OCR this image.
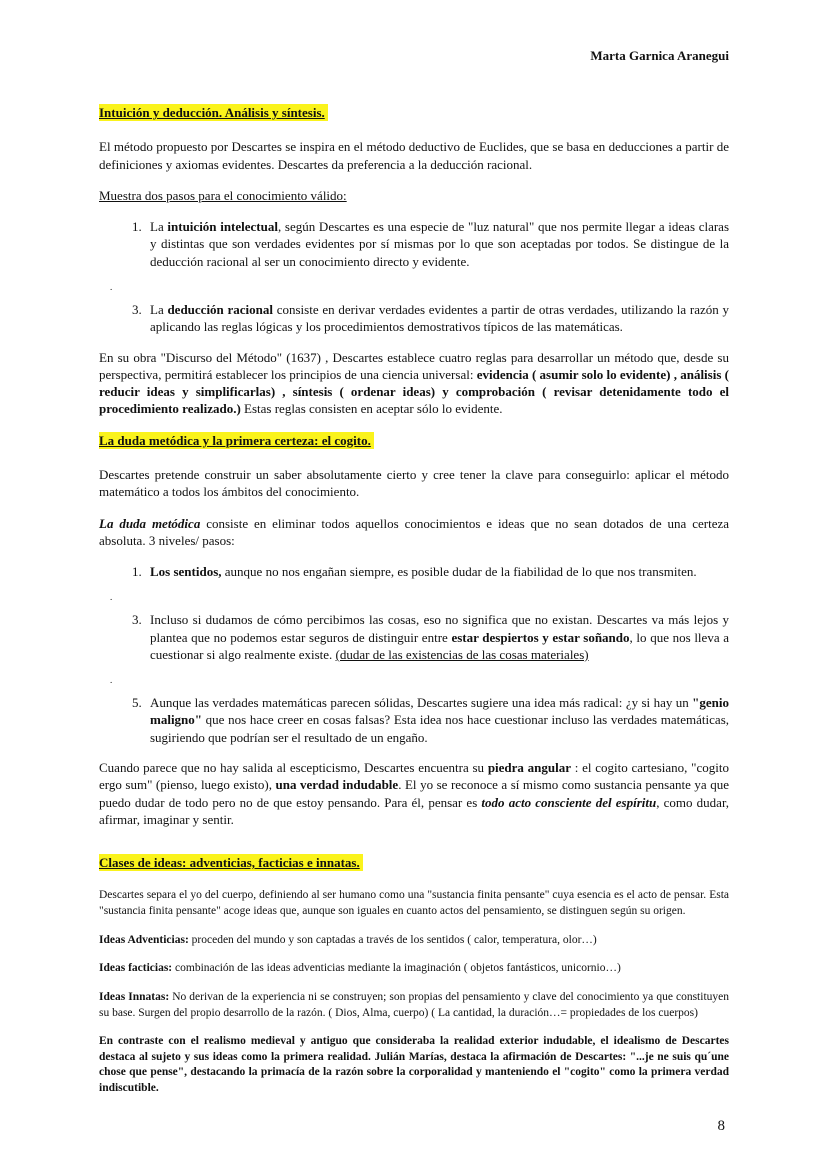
Marta Garnica Aranegui

Intuición y deducción. Análisis y síntesis.

El método propuesto por Descartes se inspira en el método deductivo de Euclides, que se basa en deducciones a partir de definiciones y axiomas evidentes. Descartes da preferencia a la deducción racional.

Muestra dos pasos para el conocimiento válido:

1. La intuición intelectual, según Descartes es una especie de "luz natural" que nos permite llegar a ideas claras y distintas que son verdades evidentes por sí mismas por lo que son aceptadas por todos. Se distingue de la deducción racional al ser un conocimiento directo y evidente.

.

3. La deducción racional consiste en derivar verdades evidentes a partir de otras verdades, utilizando la razón y aplicando las reglas lógicas y los procedimientos demostrativos típicos de las matemáticas.

En su obra "Discurso del Método" (1637) , Descartes establece cuatro reglas para desarrollar un método que, desde su perspectiva, permitirá establecer los principios de una ciencia universal: evidencia ( asumir solo lo evidente) , análisis ( reducir ideas y simplificarlas) , síntesis ( ordenar ideas) y comprobación ( revisar detenidamente todo el procedimiento realizado.) Estas reglas consisten en aceptar sólo lo evidente.

La duda metódica y la primera certeza: el cogito.

Descartes pretende construir un saber absolutamente cierto y cree tener la clave para conseguirlo: aplicar el método matemático a todos los ámbitos del conocimiento.

La duda metódica consiste en eliminar todos aquellos conocimientos e ideas que no sean dotados de una certeza absoluta. 3 niveles/ pasos:

1. Los sentidos, aunque no nos engañan siempre, es posible dudar de la fiabilidad de lo que nos transmiten.

.

3. Incluso si dudamos de cómo percibimos las cosas, eso no significa que no existan. Descartes va más lejos y plantea que no podemos estar seguros de distinguir entre estar despiertos y estar soñando, lo que nos lleva a cuestionar si algo realmente existe. (dudar de las existencias de las cosas materiales)

.

5. Aunque las verdades matemáticas parecen sólidas, Descartes sugiere una idea más radical: ¿y si hay un "genio maligno" que nos hace creer en cosas falsas? Esta idea nos hace cuestionar incluso las verdades matemáticas, sugiriendo que podrían ser el resultado de un engaño.

Cuando parece que no hay salida al escepticismo, Descartes encuentra su piedra angular : el cogito cartesiano, "cogito ergo sum" (pienso, luego existo), una verdad indudable. El yo se reconoce a sí mismo como sustancia pensante ya que puedo dudar de todo pero no de que estoy pensando. Para él, pensar es todo acto consciente del espíritu, como dudar, afirmar, imaginar y sentir.

Clases de ideas: adventicias, facticias e innatas.

Descartes separa el yo del cuerpo, definiendo al ser humano como una "sustancia finita pensante" cuya esencia es el acto de pensar. Esta "sustancia finita pensante" acoge ideas que, aunque son iguales en cuanto actos del pensamiento, se distinguen según su origen.

Ideas Adventicias: proceden del mundo y son captadas a través de los sentidos ( calor, temperatura, olor…)

Ideas facticias: combinación de las ideas adventicias mediante la imaginación ( objetos fantásticos, unicornio…)

Ideas Innatas: No derivan de la experiencia ni se construyen; son propias del pensamiento y clave del conocimiento ya que constituyen su base. Surgen del propio desarrollo de la razón. ( Dios, Alma, cuerpo) ( La cantidad, la duración…= propiedades de los cuerpos)

En contraste con el realismo medieval y antiguo que consideraba la realidad exterior indudable, el idealismo de Descartes destaca al sujeto y sus ideas como la primera realidad. Julián Marías, destaca la afirmación de Descartes: "...je ne suis qu´une chose que pense", destacando la primacía de la razón sobre la corporalidad y manteniendo el "cogito" como la primera verdad indiscutible.

8
